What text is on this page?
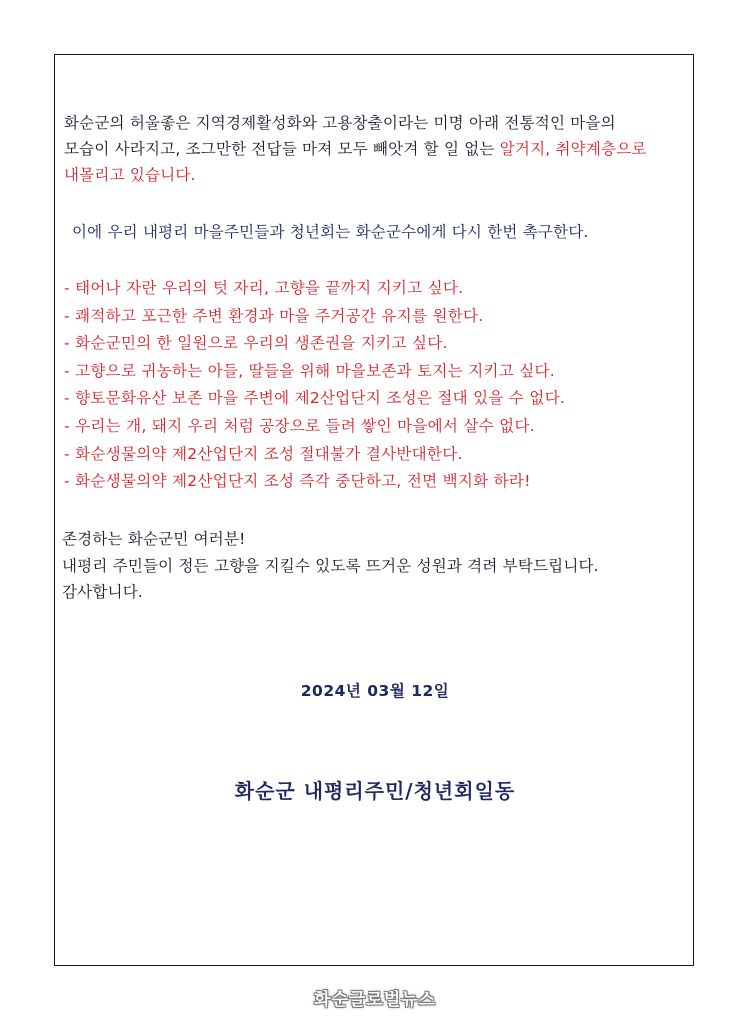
화순군의 허울좋은 지역경제활성화와 고용창출이라는 미명 아래 전통적인 마을의
모습이 사라지고, 조그만한 전답들 마져 모두 빼앗겨 할 일 없는 알거지, 취약계층으로
내몰리고 있습니다.
이에 우리 내평리 마을주민들과 청년회는 화순군수에게 다시 한번 촉구한다.
- 태어나 자란 우리의 텃 자리, 고향을 끝까지 지키고 싶다.
- 쾌적하고 포근한 주변 환경과 마을 주거공간 유지를 원한다.
- 화순군민의 한 일원으로 우리의 생존권을 지키고 싶다.
- 고향으로 귀농하는 아들, 딸들을 위해 마을보존과 토지는 지키고 싶다.
- 향토문화유산 보존 마을 주변에 제2산업단지 조성은 절대 있을 수 없다.
- 우리는 개, 돼지 우리 처럼 공장으로 들려 쌓인 마을에서 살수 없다.
- 화순생물의약 제2산업단지 조성 절대불가 결사반대한다.
- 화순생물의약 제2산업단지 조성 즉각 중단하고, 전면 백지화 하라!
존경하는 화순군민 여러분!
내평리 주민들이 정든 고향을 지킬수 있도록 뜨거운 성원과 격려 부탁드립니다.
감사합니다.
2024년 03월 12일
화순군 내평리주민/청년회일동
화순글로벌뉴스
